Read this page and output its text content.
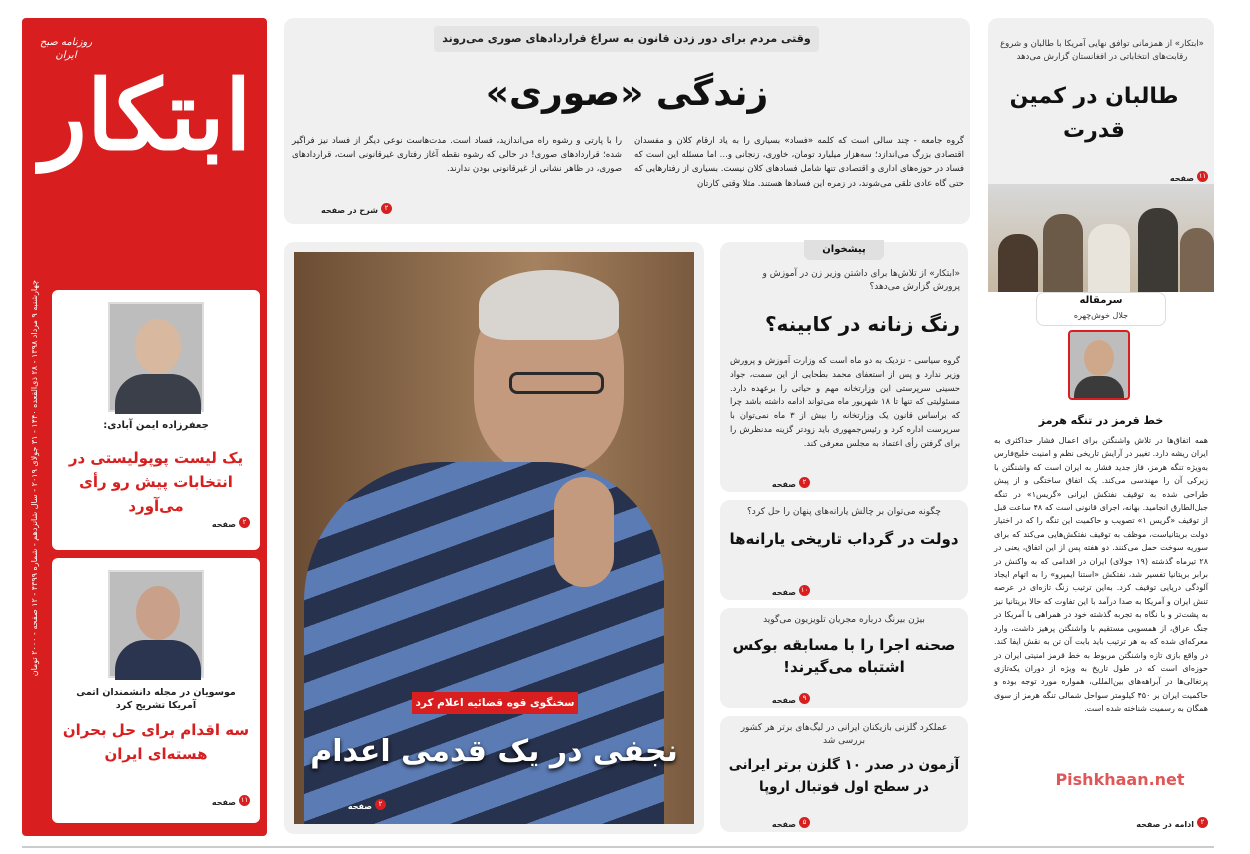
ابتکار
روزنامه صبح ایران
چهارشنبه ۹ مرداد ۱۳۹۸ - ۲۸ ذی‌القعده ۱۴۴۰ - ۳۱ جولای ۲۰۱۹ - سال شانزدهم - شماره ۴۳۹۹ - ۱۲ صفحه - ۲۰۰۰ تومان
جعفرزاده ایمن آبادی:
یک لیست پوپولیستی در انتخابات پیش رو رأی می‌آورد
۲صفحه
موسویان در مجله دانشمندان اتمی آمریکا تشریح کرد
سه اقدام برای حل بحران هسته‌ای ایران
۱۱صفحه
وقتی مردم برای دور زدن قانون به سراغ قراردادهای صوری می‌روند
زندگی «صوری»
گروه جامعه - چند سالی است که کلمه «فساد» بسیاری را به یاد ارقام کلان و مفسدان اقتصادی بزرگ می‌اندازد؛ سه‌هزار میلیارد تومان، خاوری، زنجانی و... اما مسئله این است که فساد در حوزه‌های اداری و اقتصادی تنها شامل فسادهای کلان نیست. بسیاری از رفتارهایی که حتی گاه عادی تلقی می‌شوند، در زمره این فسادها هستند. مثلا وقتی کارتان
را با پارتی و رشوه راه می‌اندازید، فساد است. مدت‌هاست نوعی دیگر از فساد نیز فراگیر شده؛ قراردادهای صوری! در حالی که رشوه نقطه آغاز رفتاری غیرقانونی است، قراردادهای صوری، در ظاهر نشانی از غیرقانونی بودن ندارند.
۲شرح در صفحه
سخنگوی قوه قضائیه اعلام کرد
نجفی در یک قدمی اعدام
۲صفحه
پیشخوان
«ابتکار» از تلاش‌ها برای داشتن وزیر زن در آموزش و پرورش گزارش می‌دهد؟
رنگ زنانه در کابینه؟
گروه سیاسی - نزدیک به دو ماه است که وزارت آموزش و پرورش وزیر ندارد و پس از استعفای محمد بطحایی از این سمت، جواد حسینی سرپرستی این وزارتخانه مهم و حیاتی را برعهده دارد. مسئولیتی که تنها تا ۱۸ شهریور ماه می‌تواند ادامه داشته باشد چرا که براساس قانون یک وزارتخانه را بیش از ۳ ماه نمی‌توان با سرپرست اداره کرد و رئیس‌جمهوری باید زودتر گزینه مدنظرش را برای گرفتن رأی اعتماد به مجلس معرفی کند.
۲صفحه
چگونه می‌توان بر چالش یارانه‌های پنهان را حل کرد؟
دولت در گرداب تاریخی یارانه‌ها
۱۰صفحه
بیژن بیرنگ درباره مجریان تلویزیون می‌گوید
صحنه اجرا را با مسابقه بوکس اشتباه می‌گیرند!
۹صفحه
عملکرد گلزنی بازیکنان ایرانی در لیگ‌های برتر هر کشور بررسی شد
آزمون در صدر ۱۰ گلزن برتر ایرانی در سطح اول فوتبال اروپا
۵صفحه
«ابتکار» از همزمانی توافق نهایی آمریکا با طالبان و شروع رقابت‌های انتخاباتی در افغانستان گزارش می‌دهد
طالبان در کمین قدرت
۱۱صفحه
سرمقاله
جلال خوش‌چهره
خط قرمز در تنگه هرمز
همه اتفاق‌ها در تلاش واشنگتن برای اعمال فشار حداکثری به ایران ریشه دارد. تغییر در آرایش تاریخی نظم و امنیت خلیج‌فارس به‌ویژه تنگه هرمز، فاز جدید فشار به ایران است که واشنگتن با زیرکی آن را مهندسی می‌کند. یک اتفاق ساختگی و از پیش طراحی شده به توقیف نفتکش ایرانی «گریس۱» در تنگه جبل‌الطارق انجامید. بهانه، اجرای قانونی است که ۴۸ ساعت قبل از توقیف «گریس ۱» تصویب و حاکمیت این تنگه را که در اختیار دولت بریتانیاست، موظف به توقیف نفتکش‌هایی می‌کند که برای سوریه سوخت حمل می‌کنند. دو هفته پس از این اتفاق، یعنی در ۲۸ تیرماه گذشته (۱۹ جولای) ایران در اقدامی که به واکنش در برابر بریتانیا تفسیر شد، نفتکش «استنا ایمپرو» را به اتهام ایجاد آلودگی دریایی توقیف کرد. به‌این ترتیب زنگ تازه‌ای در عرصه تنش ایران و آمریکا به صدا درآمد با این تفاوت که حالا بریتانیا نیز به پشت‌تر و با نگاه به تجربه گذشته خود در همراهی با آمریکا در جنگ عراق، از همسویی مستقیم با واشنگتن پرهیز داشت، وارد معرکه‌ای شده که به هر ترتیب باید بابت آن تن به نقش ایفا کند. در واقع بازی تازه واشنگتن مربوط به خط قرمز امنیتی ایران در حوزه‌ای است که در طول تاریخ به ویژه از دوران یکه‌تازی پرتغالی‌ها در آبراهه‌های بین‌المللی، همواره مورد توجه بوده و حاکمیت ایران بر ۴۵۰ کیلومتر سواحل شمالی تنگه هرمز از سوی همگان به رسمیت شناخته شده است.
۲ادامه در صفحه
Pishkhaan.net
